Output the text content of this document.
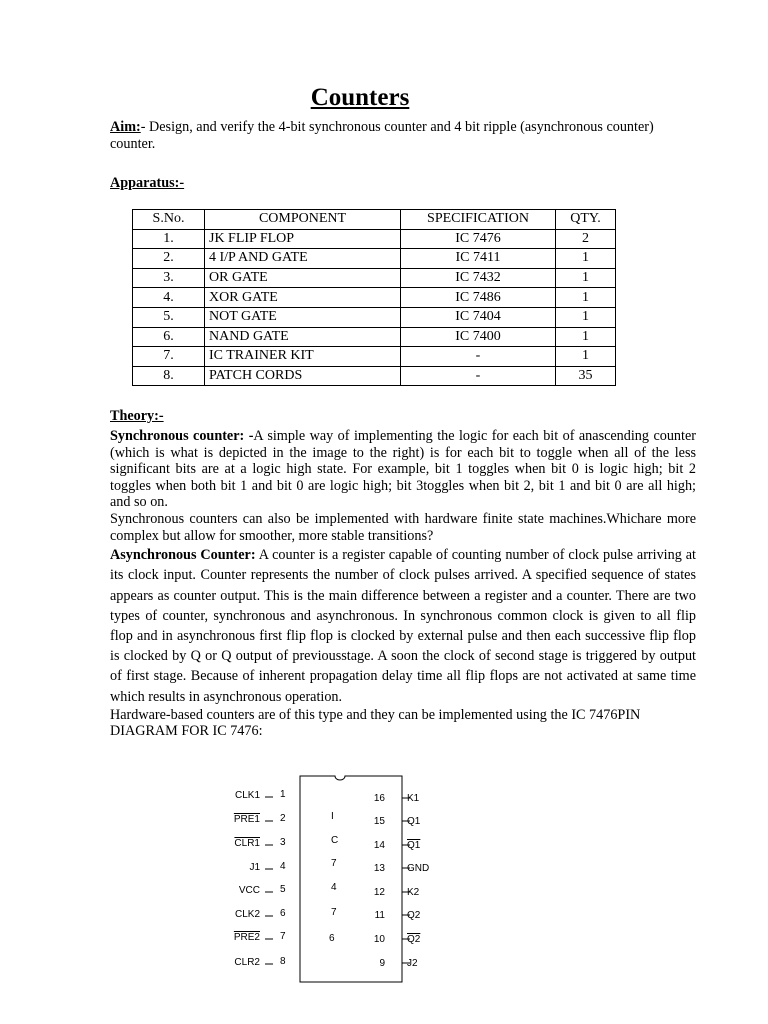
Counters
Aim:- Design, and verify the 4-bit synchronous counter and 4 bit ripple (asynchronous counter) counter.
Apparatus:-
S.No.	COMPONENT	SPECIFICATION	QTY.
1.	JK FLIP FLOP	IC 7476	2
2.	4 I/P AND GATE	IC 7411	1
3.	OR GATE	IC 7432	1
4.	XOR GATE	IC 7486	1
5.	NOT GATE	IC 7404	1
6.	NAND GATE	IC 7400	1
7.	IC TRAINER KIT	-	1
8.	PATCH CORDS	-	35
Theory:-

Synchronous counter: -A simple way of implementing the logic for each bit of anascending counter (which is what is depicted in the image to the right) is for each bit to toggle when all of the less significant bits are at a logic high state. For example, bit 1 toggles when bit 0 is logic high; bit 2 toggles when both bit 1 and bit 0 are logic high; bit 3toggles when bit 2, bit 1 and bit 0 are all high; and so on.

Synchronous counters can also be implemented with hardware finite state machines.Whichare more complex but allow for smoother, more stable transitions?

Asynchronous Counter: A counter is a register capable of counting number of clock pulse arriving at its clock input. Counter represents the number of clock pulses arrived. A specified sequence of states appears as counter output. This is the main difference between a register and a counter. There are two types of counter, synchronous and asynchronous. In synchronous common clock is given to all flip flop and in asynchronous first flip flop is clocked by external pulse and then each successive flip flop is clocked by Q or Q output of previousstage. A soon the clock of second stage is triggered by output of first stage. Because of inherent propagation delay time all flip flops are not activated at same time which results in asynchronous operation.

Hardware-based counters are of this type and they can be implemented using the IC 7476PIN DIAGRAM FOR IC 7476:

CLK1 1
PRE1 2
CLR1 3
J1 4
VCC 5
CLK2 6
PRE2 7
CLR2 8
16 K1
15 Q1
14 Q1
13 GND
12 K2
11 Q2
10 Q2
9 J2
I
C
7
4
7
6
